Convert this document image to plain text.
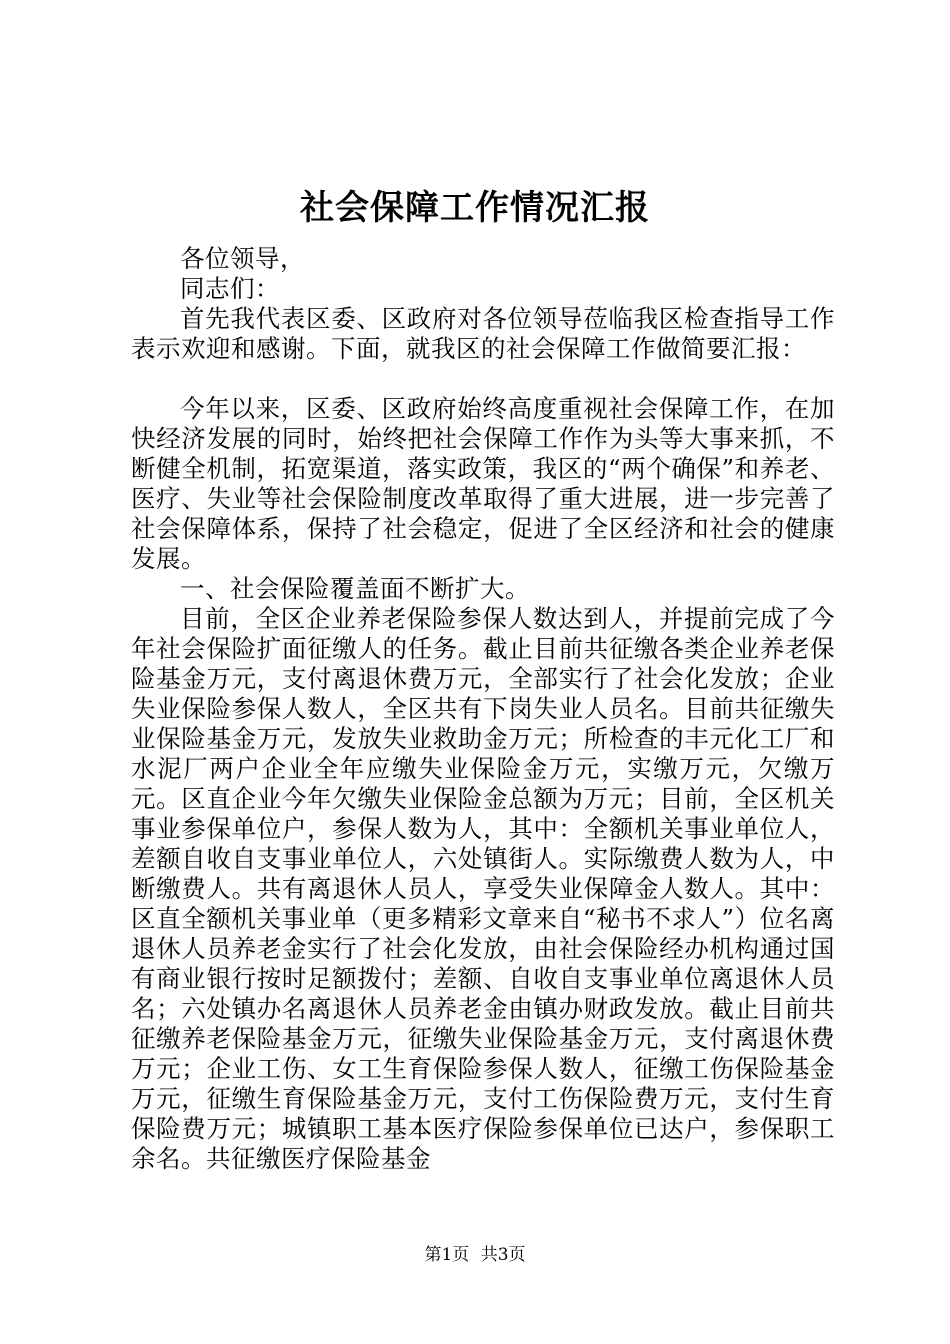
社会保障工作情况汇报

各位领导，

同志们：

首先我代表区委、区政府对各位领导莅临我区检查指导工作表示欢迎和感谢。下面，就我区的社会保障工作做简要汇报：

今年以来，区委、区政府始终高度重视社会保障工作，在加快经济发展的同时，始终把社会保障工作作为头等大事来抓，不断健全机制，拓宽渠道，落实政策，我区的“两个确保”和养老、医疗、失业等社会保险制度改革取得了重大进展，进一步完善了社会保障体系，保持了社会稳定，促进了全区经济和社会的健康发展。

一、社会保险覆盖面不断扩大。

目前，全区企业养老保险参保人数达到人，并提前完成了今年社会保险扩面征缴人的任务。截止目前共征缴各类企业养老保险基金万元，支付离退休费万元，全部实行了社会化发放；企业失业保险参保人数人，全区共有下岗失业人员名。目前共征缴失业保险基金万元，发放失业救助金万元；所检查的丰元化工厂和水泥厂两户企业全年应缴失业保险金万元，实缴万元，欠缴万元。区直企业今年欠缴失业保险金总额为万元；目前，全区机关事业参保单位户，参保人数为人，其中：全额机关事业单位人，差额自收自支事业单位人，六处镇街人。实际缴费人数为人，中断缴费人。共有离退休人员人，享受失业保障金人数人。其中：区直全额机关事业单（更多精彩文章来自“秘书不求人”）位名离退休人员养老金实行了社会化发放，由社会保险经办机构通过国有商业银行按时足额拨付；差额、自收自支事业单位离退休人员名；六处镇办名离退休人员养老金由镇办财政发放。截止目前共征缴养老保险基金万元，征缴失业保险基金万元，支付离退休费万元；企业工伤、女工生育保险参保人数人，征缴工伤保险基金万元，征缴生育保险基金万元，支付工伤保险费万元，支付生育保险费万元；城镇职工基本医疗保险参保单位已达户，参保职工余名。共征缴医疗保险基金

第1页 共3页
